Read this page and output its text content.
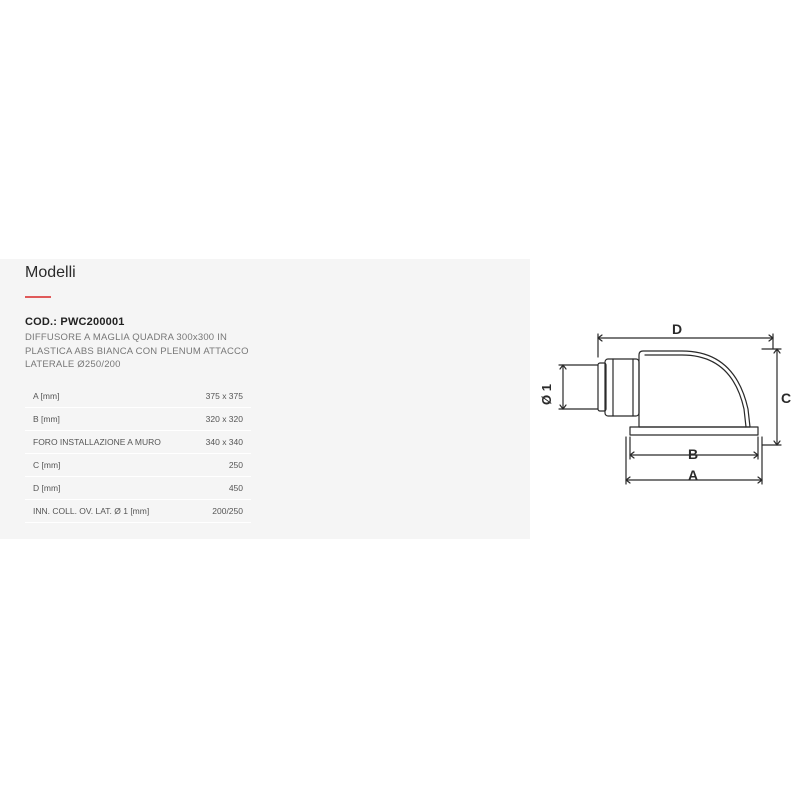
Modelli
COD.: PWC200001
DIFFUSORE A MAGLIA QUADRA 300x300 IN PLASTICA ABS BIANCA CON PLENUM ATTACCO LATERALE Ø250/200
A [mm]	375 x 375
B [mm]	320 x 320
FORO INSTALLAZIONE A MURO	340 x 340
C [mm]	250
D [mm]	450
INN. COLL. OV. LAT. Ø 1 [mm]	200/250
D
C
B
A
Ø 1
